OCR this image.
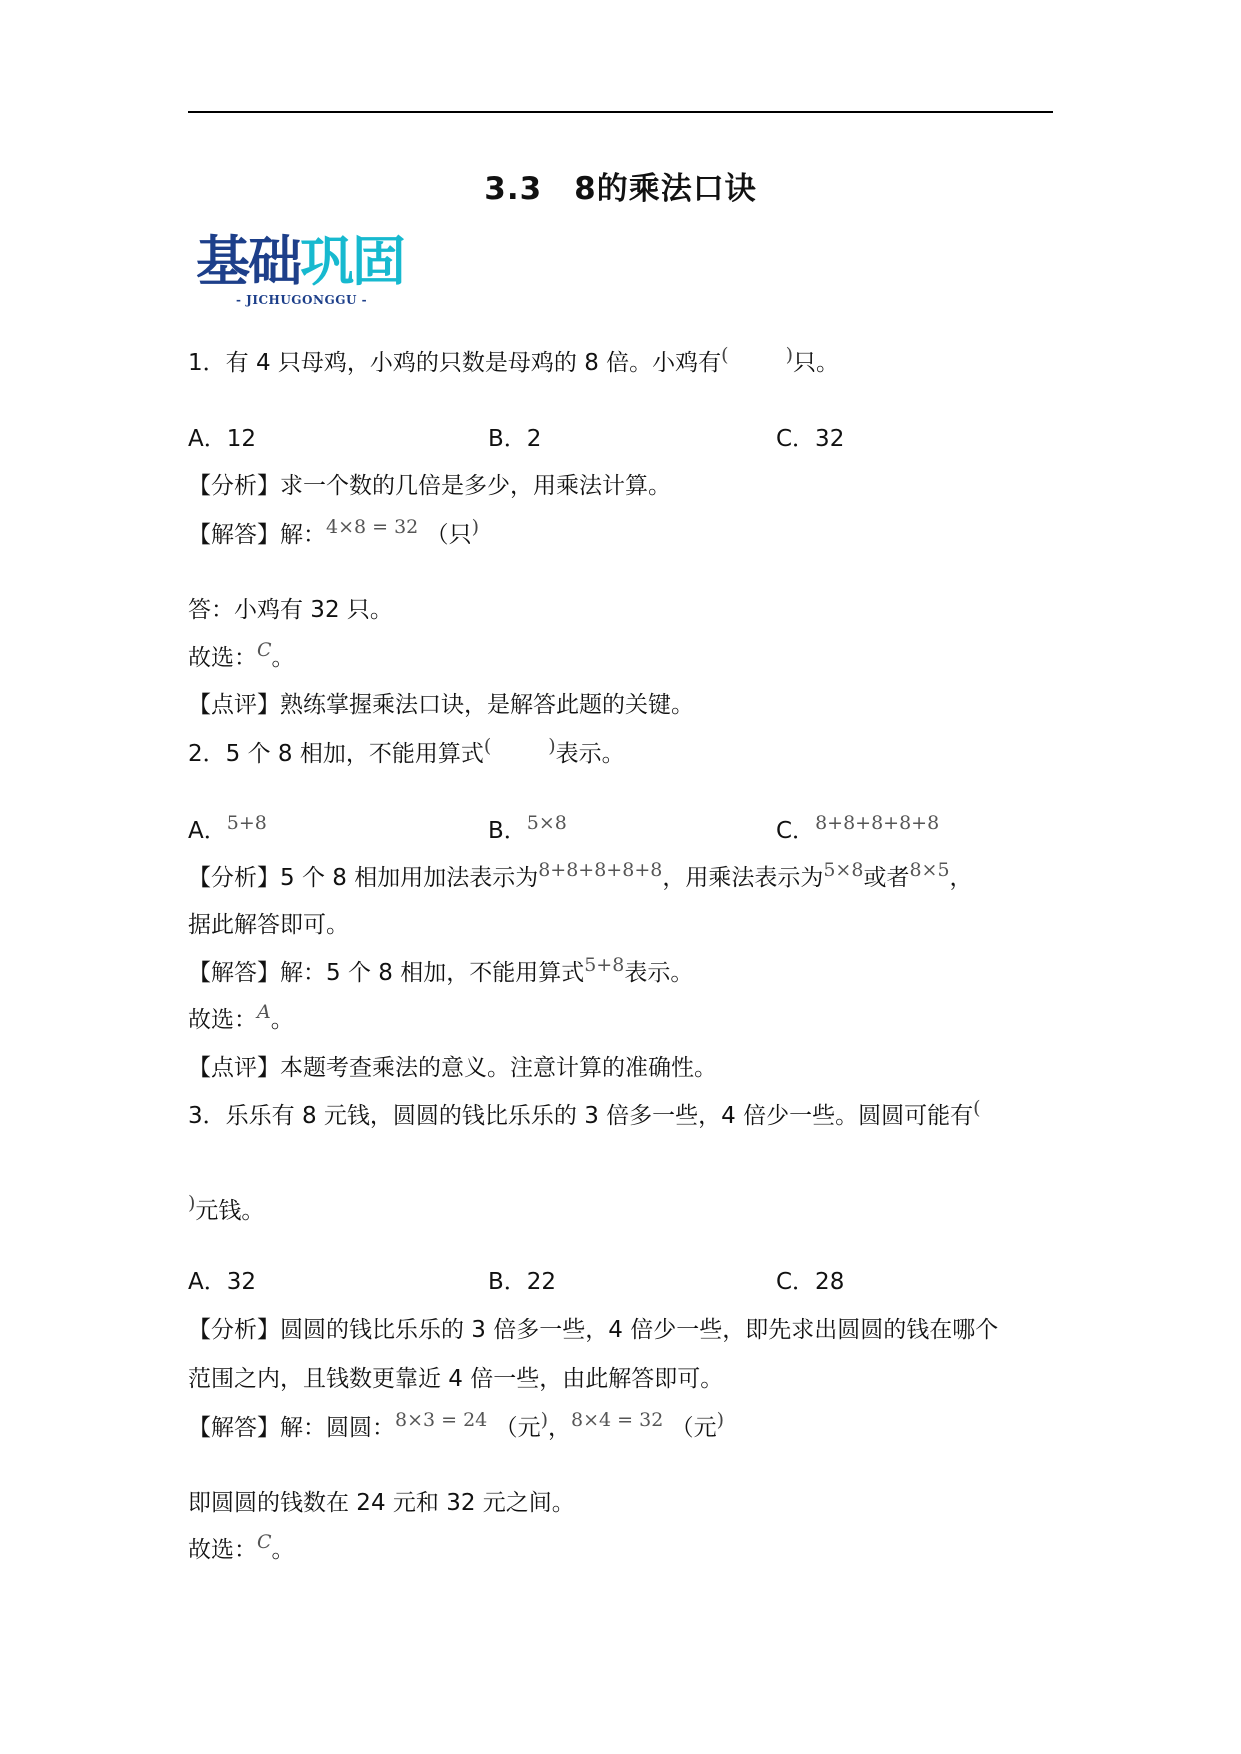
3.3　8的乘法口诀
基础巩固
- JICHUGONGGU -
1．有 4 只母鸡，小鸡的只数是母鸡的 8 倍。小鸡有(　　　)只。
A．12	B．2	C．32
【分析】求一个数的几倍是多少，用乘法计算。
【解答】解：$^{4\times 8 = 32}$ （只)
答：小鸡有 32 只。
故选：$^C$。
【点评】熟练掌握乘法口诀，是解答此题的关键。
2．5 个 8 相加，不能用算式(　　　)表示。
A．$^{5+8}$	B．$^{5\times 8}$	C．$^{8+8+8+8+8}$
【分析】5 个 8 相加用加法表示为$^{8+8+8+8+8}$，用乘法表示为$^{5\times 8}$或者$^{8\times 5}$，
据此解答即可。
【解答】解：5 个 8 相加，不能用算式$^{5+8}$表示。
故选：$^A$。
【点评】本题考查乘法的意义。注意计算的准确性。
3．乐乐有 8 元钱，圆圆的钱比乐乐的 3 倍多一些，4 倍少一些。圆圆可能有(
)元钱。
A．32	B．22	C．28
【分析】圆圆的钱比乐乐的 3 倍多一些，4 倍少一些，即先求出圆圆的钱在哪个
范围之内，且钱数更靠近 4 倍一些，由此解答即可。
【解答】解：圆圆：$^{8\times 3 = 24}$ （元)，$^{8\times 4 = 32}$ （元)
即圆圆的钱数在 24 元和 32 元之间。
故选：$^C$。
